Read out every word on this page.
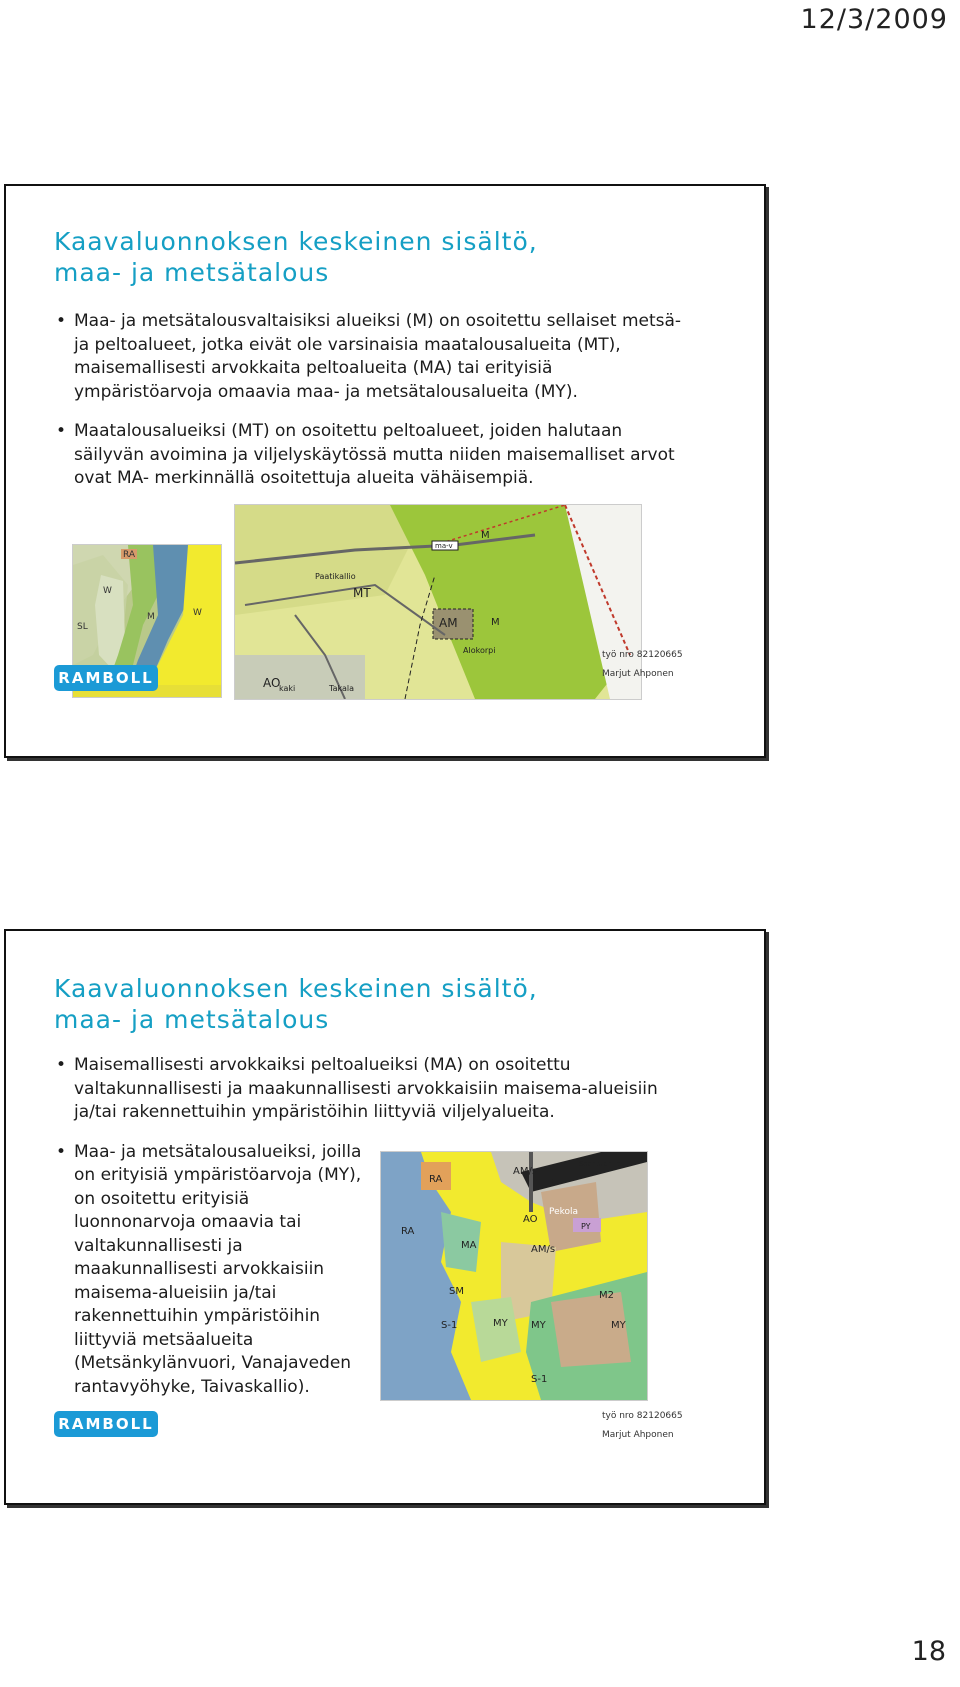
12/3/2009
Kaavaluonnoksen keskeinen sisältö,
maa- ja metsätalous
• Maa- ja metsätalousvaltaisiksi alueiksi (M) on osoitettu sellaiset metsä- ja peltoalueet, jotka eivät ole varsinaisia maatalousalueita (MT), maisemallisesti arvokkaita peltoalueita (MA) tai erityisiä ympäristöarvoja omaavia maa- ja metsätalousalueita (MY).
• Maatalousalueiksi (MT) on osoitettu peltoalueet, joiden halutaan säilyvän avoimina ja viljelyskäytössä mutta niiden maisemalliset arvot ovat MA- merkinnällä osoitettuja alueita vähäisempiä.
RA
W
W
M
SL
M
M
MT
AM
AO
Paatikallio
Takala
Alokorpi
ma-v
kaki
RAMBOLL
työ nro 82120665
Marjut Ahponen
Kaavaluonnoksen keskeinen sisältö,
maa- ja metsätalous
• Maisemallisesti arvokkaiksi peltoalueiksi (MA) on osoitettu valtakunnallisesti ja maakunnallisesti arvokkaisiin maisema-alueisiin ja/tai rakennettuihin ympäristöihin liittyviä viljelyalueita.
• Maa- ja metsätalousalueiksi, joilla on erityisiä ympäristöarvoja (MY), on osoitettu erityisiä luonnonarvoja omaavia tai valtakunnallisesti ja maakunnallisesti arvokkaisiin maisema-alueisiin ja/tai rakennettuihin ympäristöihin liittyviä metsäalueita (Metsänkylänvuori, Vanajaveden rantavyöhyke, Taivaskallio).
AM/s
Saaristentie
AO
Pekola
P
RA
RA
MA
SM
MY	MY
MY
S-1
S-1
M2
AM/s
PY
RAMBOLL	työ nro 82120665
Marjut Ahponen
18
